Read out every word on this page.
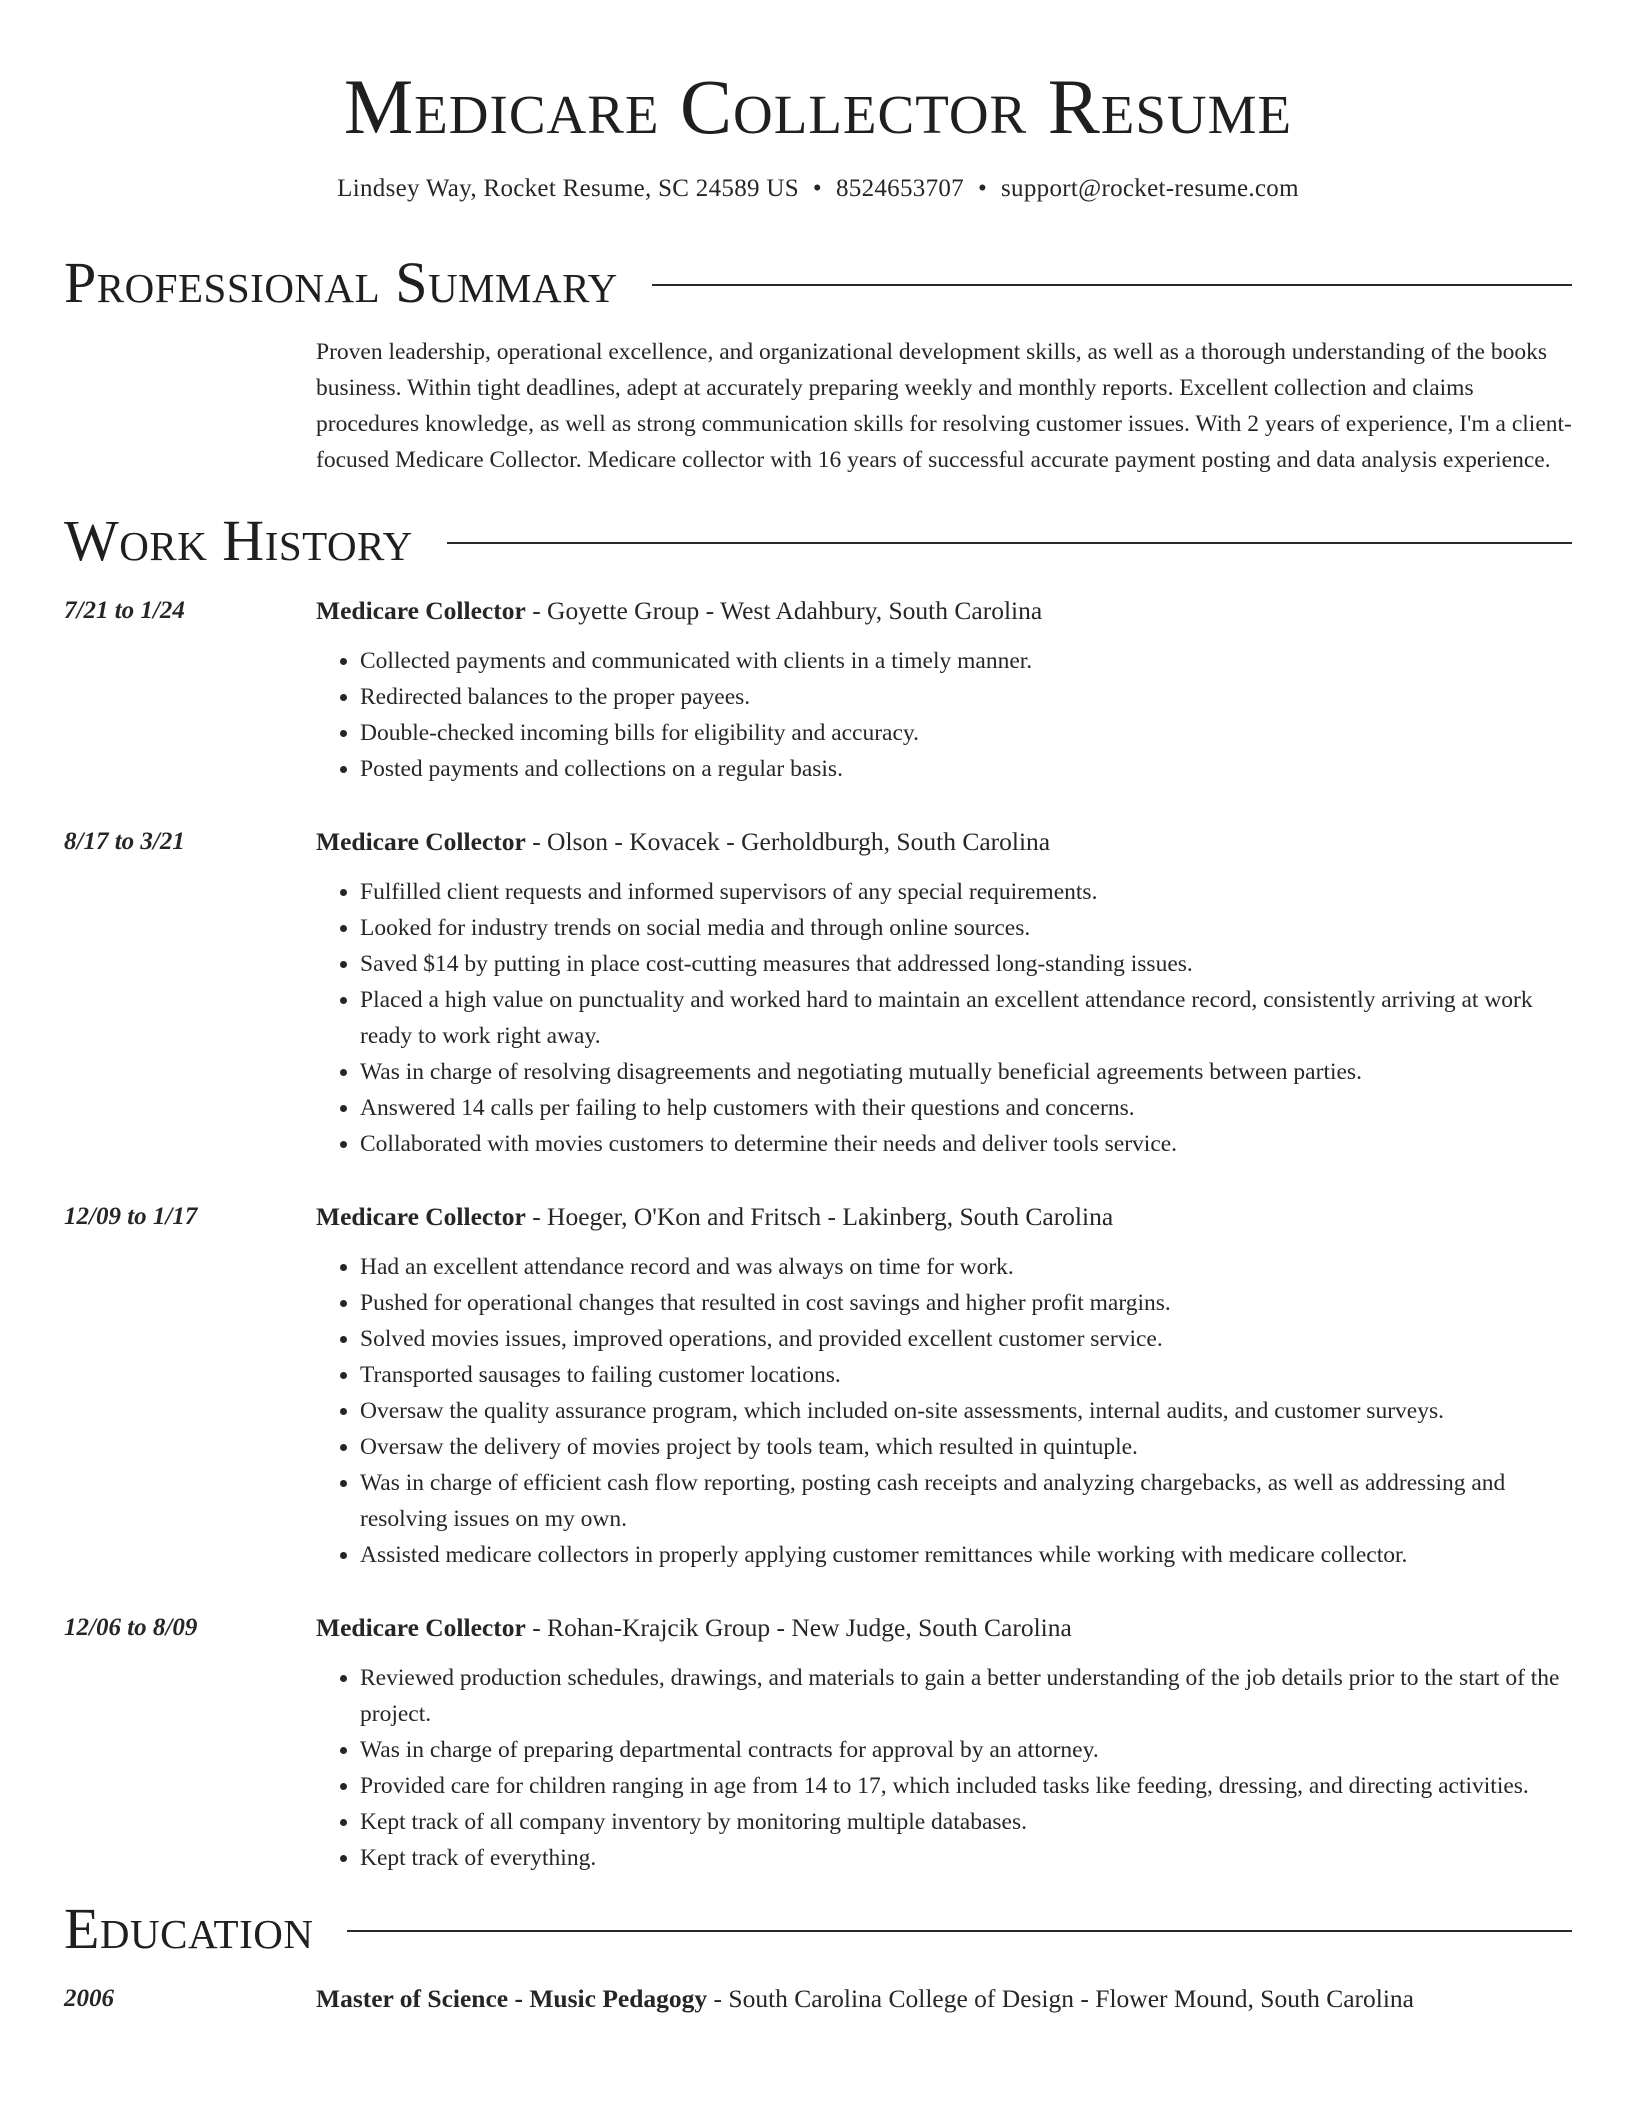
Medicare Collector Resume
Lindsey Way, Rocket Resume, SC 24589 US • 8524653707 • support@rocket-resume.com
Professional Summary
Proven leadership, operational excellence, and organizational development skills, as well as a thorough understanding of the books business. Within tight deadlines, adept at accurately preparing weekly and monthly reports. Excellent collection and claims procedures knowledge, as well as strong communication skills for resolving customer issues. With 2 years of experience, I'm a client-focused Medicare Collector. Medicare collector with 16 years of successful accurate payment posting and data analysis experience.
Work History
7/21 to 1/24	Medicare Collector - Goyette Group - West Adahbury, South Carolina
• Collected payments and communicated with clients in a timely manner.
• Redirected balances to the proper payees.
• Double-checked incoming bills for eligibility and accuracy.
• Posted payments and collections on a regular basis.
8/17 to 3/21	Medicare Collector - Olson - Kovacek - Gerholdburgh, South Carolina
• Fulfilled client requests and informed supervisors of any special requirements.
• Looked for industry trends on social media and through online sources.
• Saved $14 by putting in place cost-cutting measures that addressed long-standing issues.
• Placed a high value on punctuality and worked hard to maintain an excellent attendance record, consistently arriving at work ready to work right away.
• Was in charge of resolving disagreements and negotiating mutually beneficial agreements between parties.
• Answered 14 calls per failing to help customers with their questions and concerns.
• Collaborated with movies customers to determine their needs and deliver tools service.
12/09 to 1/17	Medicare Collector - Hoeger, O'Kon and Fritsch - Lakinberg, South Carolina
• Had an excellent attendance record and was always on time for work.
• Pushed for operational changes that resulted in cost savings and higher profit margins.
• Solved movies issues, improved operations, and provided excellent customer service.
• Transported sausages to failing customer locations.
• Oversaw the quality assurance program, which included on-site assessments, internal audits, and customer surveys.
• Oversaw the delivery of movies project by tools team, which resulted in quintuple.
• Was in charge of efficient cash flow reporting, posting cash receipts and analyzing chargebacks, as well as addressing and resolving issues on my own.
• Assisted medicare collectors in properly applying customer remittances while working with medicare collector.
12/06 to 8/09	Medicare Collector - Rohan-Krajcik Group - New Judge, South Carolina
• Reviewed production schedules, drawings, and materials to gain a better understanding of the job details prior to the start of the project.
• Was in charge of preparing departmental contracts for approval by an attorney.
• Provided care for children ranging in age from 14 to 17, which included tasks like feeding, dressing, and directing activities.
• Kept track of all company inventory by monitoring multiple databases.
• Kept track of everything.
Education
2006	Master of Science - Music Pedagogy - South Carolina College of Design - Flower Mound, South Carolina
